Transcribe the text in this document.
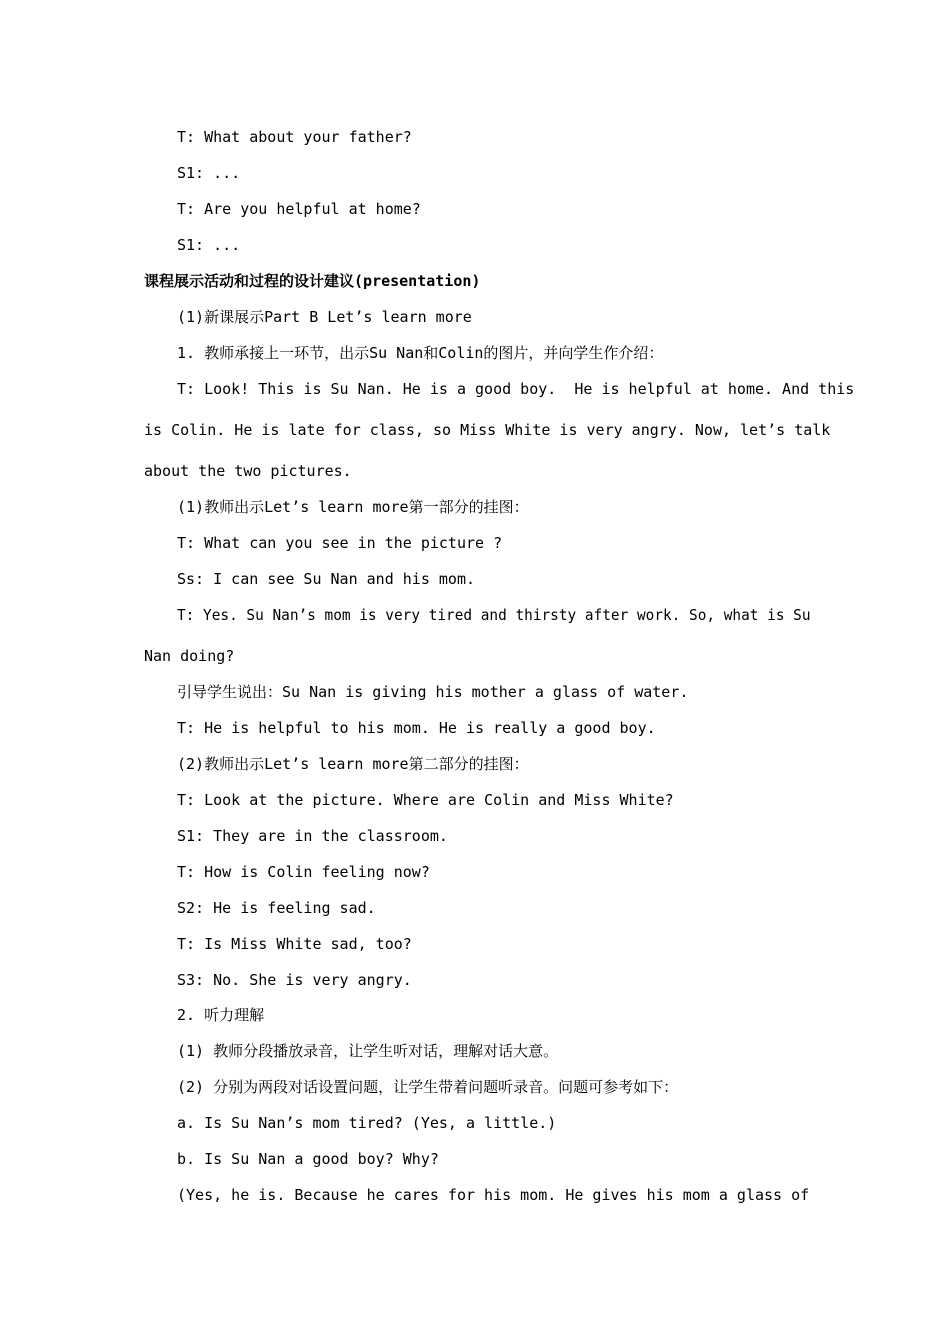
T: What about your father?

S1: ...

T: Are you helpful at home?

S1: ...

课程展示活动和过程的设计建议(presentation)

(1)新课展示Part B Let’s learn more

1. 教师承接上一环节，出示Su Nan和Colin的图片，并向学生作介绍：

T: Look! This is Su Nan. He is a good boy.  He is helpful at home. And this

is Colin. He is late for class, so Miss White is very angry. Now, let’s talk

about the two pictures.

(1)教师出示Let’s learn more第一部分的挂图：

T: What can you see in the picture ?

Ss: I can see Su Nan and his mom.

T: Yes. Su Nan’s mom is very tired and thirsty after work. So, what is Su

Nan doing?

引导学生说出：Su Nan is giving his mother a glass of water.

T: He is helpful to his mom. He is really a good boy.

(2)教师出示Let’s learn more第二部分的挂图：

T: Look at the picture. Where are Colin and Miss White?

S1: They are in the classroom.

T: How is Colin feeling now?

S2: He is feeling sad.

T: Is Miss White sad, too?

S3: No. She is very angry.

2. 听力理解

(1) 教师分段播放录音，让学生听对话，理解对话大意。

(2) 分别为两段对话设置问题，让学生带着问题听录音。问题可参考如下：

a. Is Su Nan’s mom tired? (Yes, a little.)

b. Is Su Nan a good boy? Why?

(Yes, he is. Because he cares for his mom. He gives his mom a glass of
